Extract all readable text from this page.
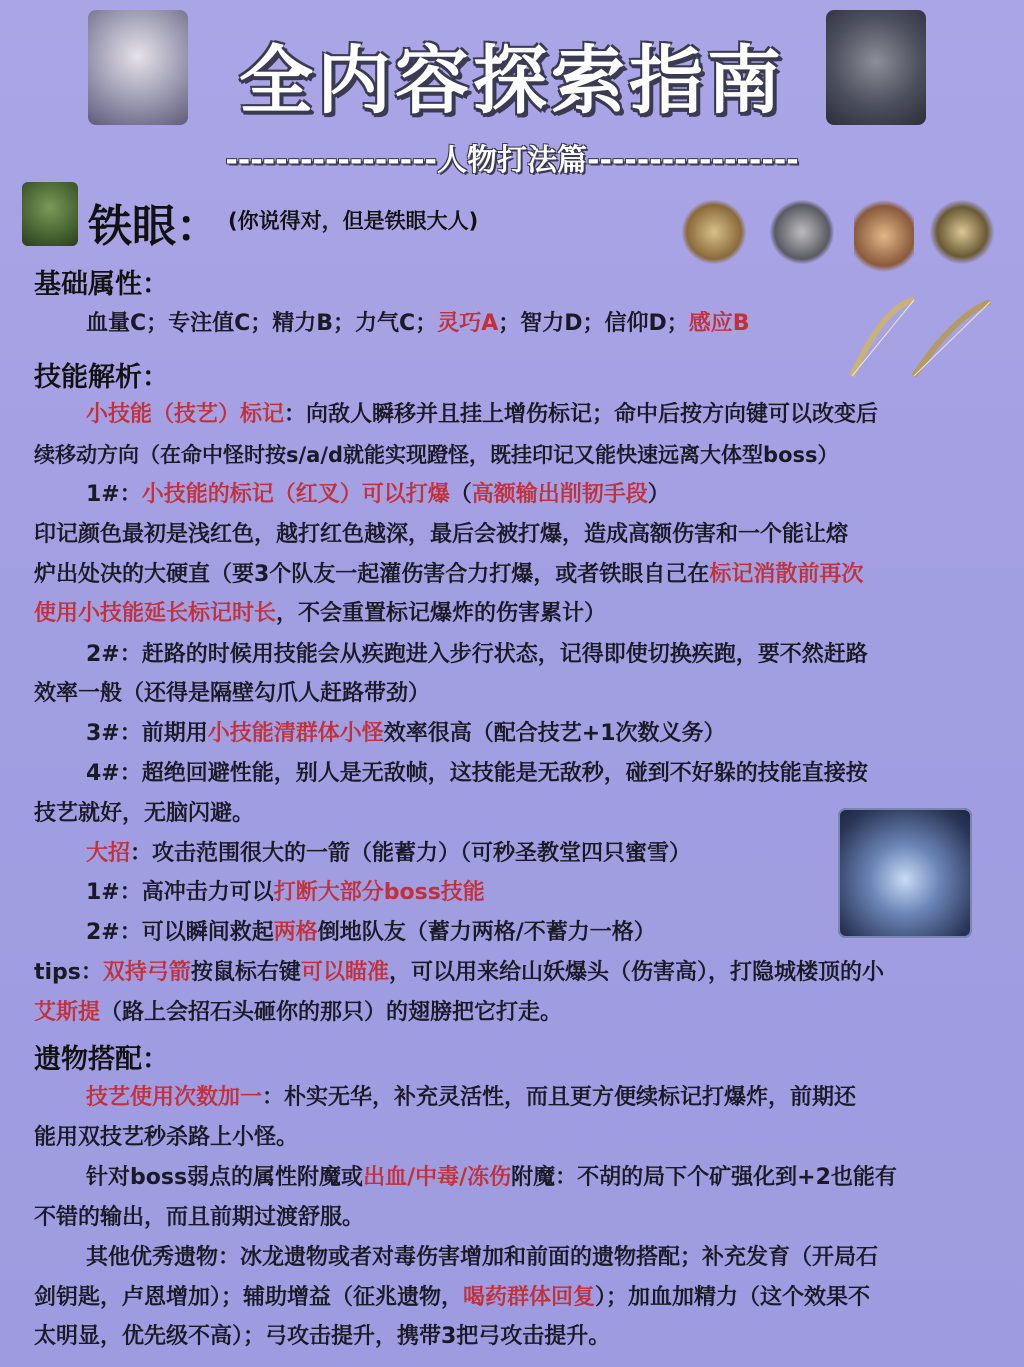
全内容探索指南
-----------------人物打法篇-----------------
铁眼： (你说得对，但是铁眼大人)
基础属性：
血量C；专注值C；精力B；力气C；灵巧A；智力D；信仰D；感应B
技能解析：
小技能（技艺）标记：向敌人瞬移并且挂上增伤标记；命中后按方向键可以改变后
续移动方向（在命中怪时按s/a/d就能实现蹬怪，既挂印记又能快速远离大体型boss）
1#：小技能的标记（红叉）可以打爆（高额输出削韧手段）
印记颜色最初是浅红色，越打红色越深，最后会被打爆，造成高额伤害和一个能让熔
炉出处决的大硬直（要3个队友一起灌伤害合力打爆，或者铁眼自己在标记消散前再次
使用小技能延长标记时长，不会重置标记爆炸的伤害累计）
2#：赶路的时候用技能会从疾跑进入步行状态，记得即使切换疾跑，要不然赶路
效率一般（还得是隔壁勾爪人赶路带劲）
3#：前期用小技能清群体小怪效率很高（配合技艺+1次数义务）
4#：超绝回避性能，别人是无敌帧，这技能是无敌秒，碰到不好躲的技能直接按
技艺就好，无脑闪避。
大招：攻击范围很大的一箭（能蓄力）（可秒圣教堂四只蜜雪）
1#：高冲击力可以打断大部分boss技能
2#：可以瞬间救起两格倒地队友（蓄力两格/不蓄力一格）
tips：双持弓箭按鼠标右键可以瞄准，可以用来给山妖爆头（伤害高），打隐城楼顶的小
艾斯提（路上会招石头砸你的那只）的翅膀把它打走。
遗物搭配：
技艺使用次数加一：朴实无华，补充灵活性，而且更方便续标记打爆炸，前期还
能用双技艺秒杀路上小怪。
针对boss弱点的属性附魔或出血/中毒/冻伤附魔：不胡的局下个矿强化到+2也能有
不错的输出，而且前期过渡舒服。
其他优秀遗物：冰龙遗物或者对毒伤害增加和前面的遗物搭配；补充发育（开局石
剑钥匙，卢恩增加）；辅助增益（征兆遗物，喝药群体回复）；加血加精力（这个效果不
太明显，优先级不高）；弓攻击提升，携带3把弓攻击提升。
